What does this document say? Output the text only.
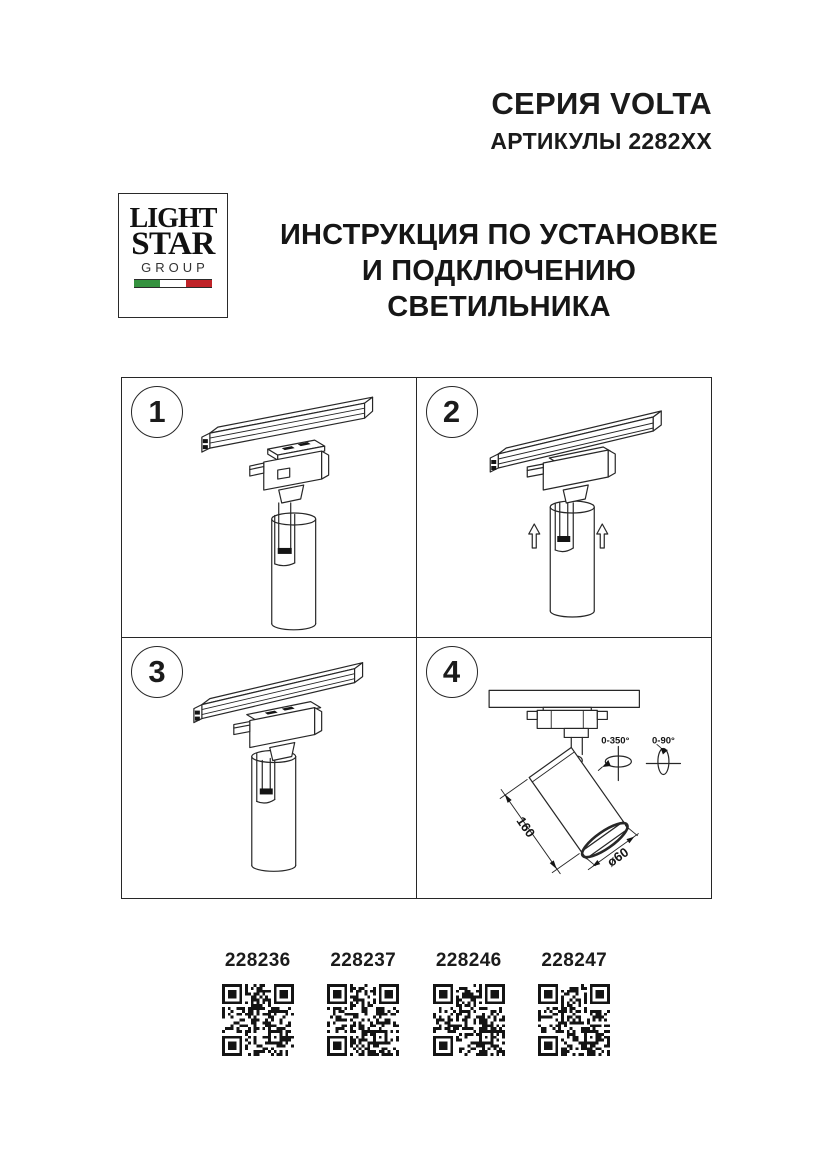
СЕРИЯ VOLTA
АРТИКУЛЫ 2282XX
LIGHT
STAR
GROUP
ИНСТРУКЦИЯ ПО УСТАНОВКЕ
И ПОДКЛЮЧЕНИЮ СВЕТИЛЬНИКА
1	2
3	4
160
ø60
0-350° 0-90°
228236 228237 228246 228247
